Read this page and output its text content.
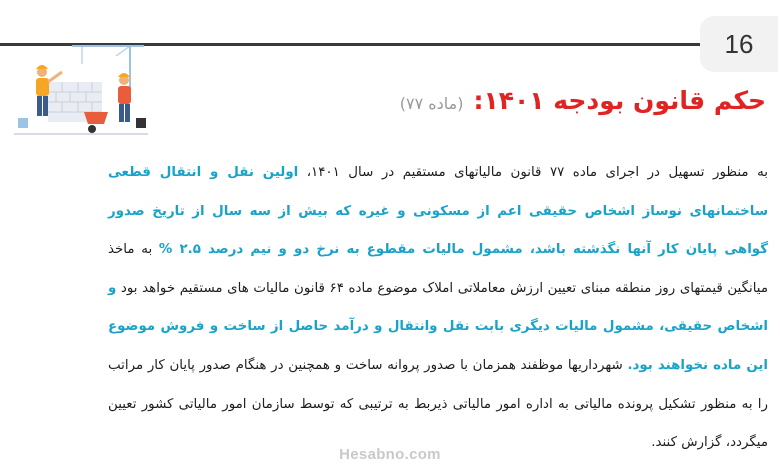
16
حکم قانون بودجه ۱۴۰۱:(ماده ۷۷)
به منظور تسهیل در اجرای ماده ۷۷ قانون مالیاتهای مستقیم در سال ۱۴۰۱، اولین نقل و انتقال قطعی ساختمانهای نوساز اشخاص حقیقی اعم از مسکونی و غیره که بیش از سه سال از تاریخ صدور گواهی پایان کار آنها نگذشته باشد، مشمول مالیات مقطوع به نرخ دو و نیم درصد ۲.۵ % به ماخذ میانگین قیمتهای روز منطقه مبنای تعیین ارزش معاملاتی املاک موضوع ماده ۶۴ قانون مالیات های مستقیم خواهد بود و اشخاص حقیقی، مشمول مالیات دیگری بابت نقل وانتقال و درآمد حاصل از ساخت و فروش موضوع این ماده نخواهند بود. شهرداریها موظفند همزمان با صدور پروانه ساخت و همچنین در هنگام صدور پایان کار مراتب را به منظور تشکیل پرونده مالیاتی به اداره امور مالیاتی ذیربط به ترتیبی که توسط سازمان امور مالیاتی کشور تعیین میگردد، گزارش کنند.
Hesabno.com
